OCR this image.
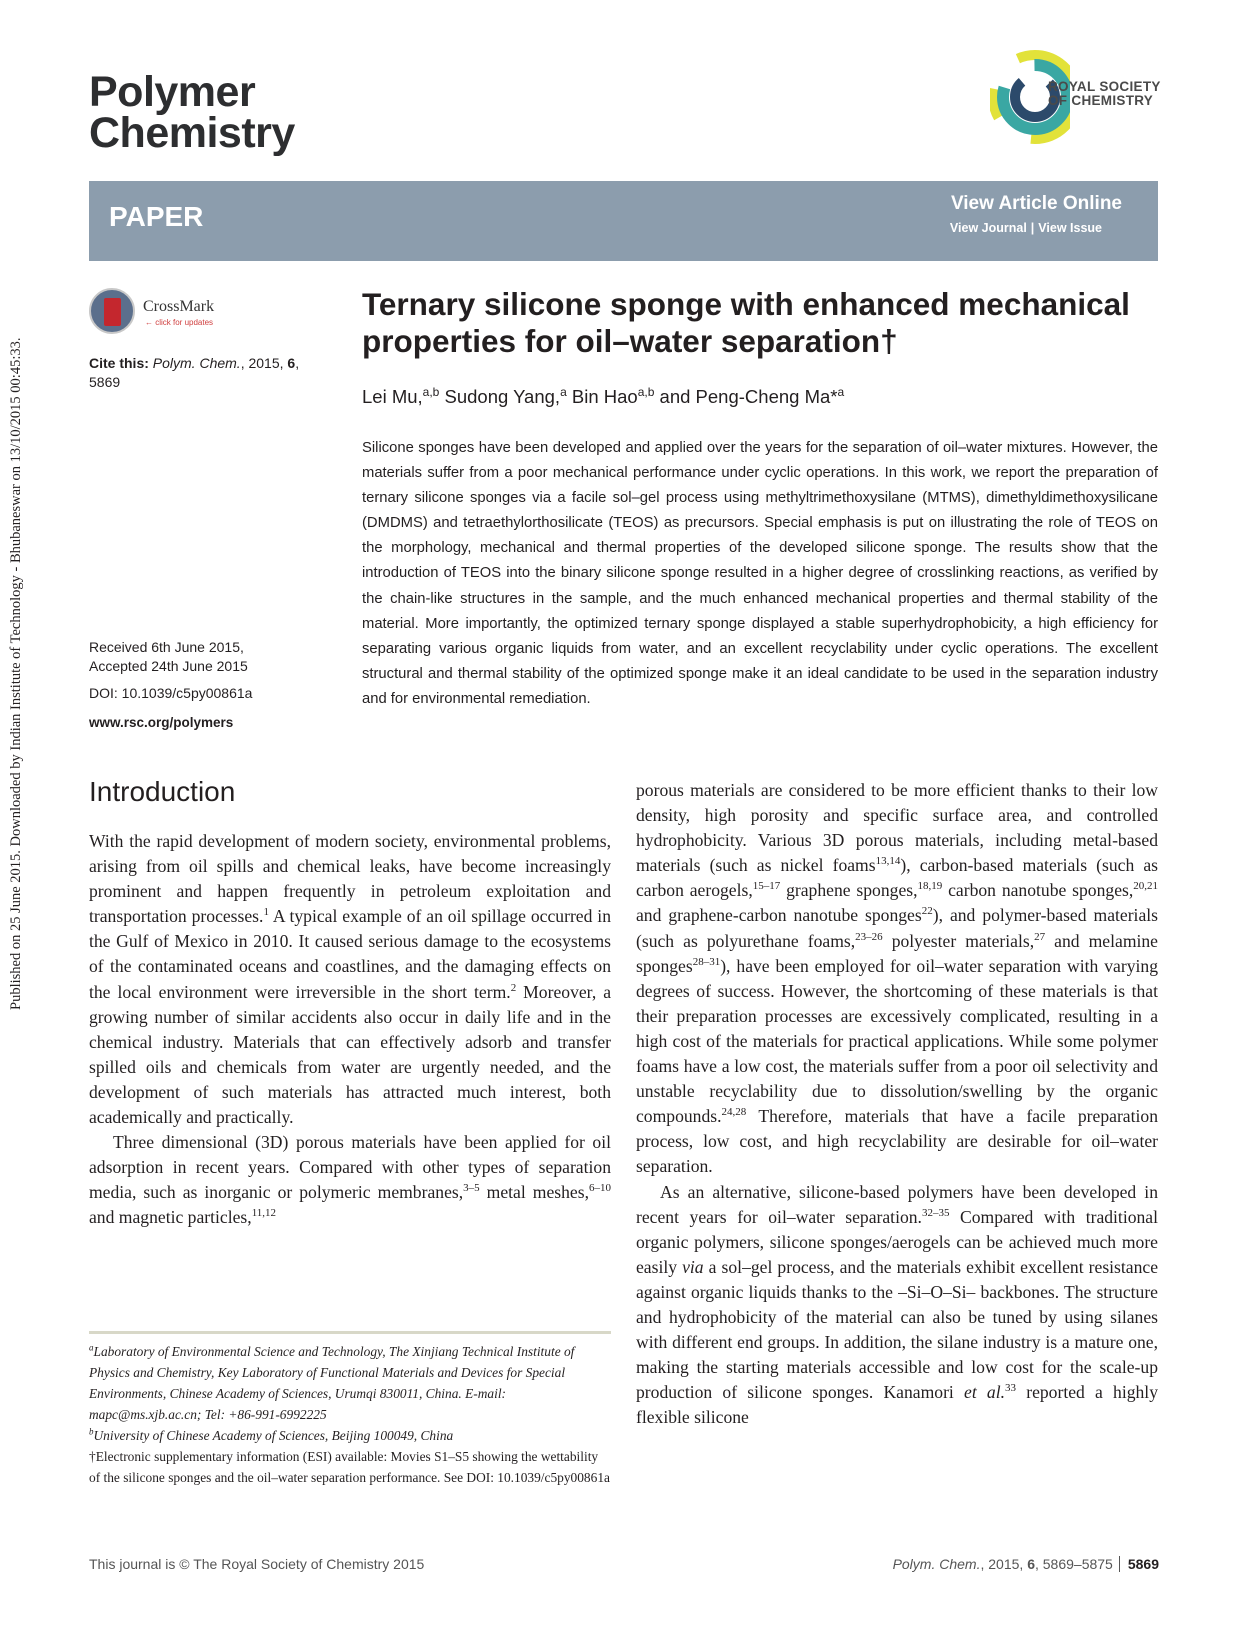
Published on 25 June 2015. Downloaded by Indian Institute of Technology - Bhubaneswar on 13/10/2015 00:45:33.
Polymer
Chemistry
ROYAL SOCIETY
OF CHEMISTRY
PAPER	View Article Online
View Journal | View Issue
CrossMark
← click for updates
Cite this: Polym. Chem., 2015, 6, 5869
Received 6th June 2015,
Accepted 24th June 2015
DOI: 10.1039/c5py00861a
www.rsc.org/polymers
Ternary silicone sponge with enhanced mechanical properties for oil–water separation†
Lei Mu,$^{a,b}$ Sudong Yang,$^a$ Bin Hao$^{a,b}$ and Peng-Cheng Ma*$^a$
Silicone sponges have been developed and applied over the years for the separation of oil–water mixtures. However, the materials suffer from a poor mechanical performance under cyclic operations. In this work, we report the preparation of ternary silicone sponges via a facile sol–gel process using methyltrimethoxysilane (MTMS), dimethyldimethoxysilicane (DMDMS) and tetraethylorthosilicate (TEOS) as precursors. Special emphasis is put on illustrating the role of TEOS on the morphology, mechanical and thermal properties of the developed silicone sponge. The results show that the introduction of TEOS into the binary silicone sponge resulted in a higher degree of crosslinking reactions, as verified by the chain-like structures in the sample, and the much enhanced mechanical properties and thermal stability of the material. More importantly, the optimized ternary sponge displayed a stable superhydrophobicity, a high efficiency for separating various organic liquids from water, and an excellent recyclability under cyclic operations. The excellent structural and thermal stability of the optimized sponge make it an ideal candidate to be used in the separation industry and for environmental remediation.
Introduction

With the rapid development of modern society, environmental problems, arising from oil spills and chemical leaks, have become increasingly prominent and happen frequently in petroleum exploitation and transportation processes.$^1$ A typical example of an oil spillage occurred in the Gulf of Mexico in 2010. It caused serious damage to the ecosystems of the contaminated oceans and coastlines, and the damaging effects on the local environment were irreversible in the short term.$^2$ Moreover, a growing number of similar accidents also occur in daily life and in the chemical industry. Materials that can effectively adsorb and transfer spilled oils and chemicals from water are urgently needed, and the development of such materials has attracted much interest, both academically and practically.

Three dimensional (3D) porous materials have been applied for oil adsorption in recent years. Compared with other types of separation media, such as inorganic or polymeric membranes,$^{3-5}$ metal meshes,$^{6-10}$ and magnetic particles,$^{11,12}$

porous materials are considered to be more efficient thanks to their low density, high porosity and specific surface area, and controlled hydrophobicity. Various 3D porous materials, including metal-based materials (such as nickel foams$^{13,14}$), carbon-based materials (such as carbon aerogels,$^{15-17}$ graphene sponges,$^{18,19}$ carbon nanotube sponges,$^{20,21}$ and graphene-carbon nanotube sponges$^{22}$), and polymer-based materials (such as polyurethane foams,$^{23-26}$ polyester materials,$^{27}$ and melamine sponges$^{28-31}$), have been employed for oil–water separation with varying degrees of success. However, the shortcoming of these materials is that their preparation processes are excessively complicated, resulting in a high cost of the materials for practical applications. While some polymer foams have a low cost, the materials suffer from a poor oil selectivity and unstable recyclability due to dissolution/swelling by the organic compounds.$^{24,28}$ Therefore, materials that have a facile preparation process, low cost, and high recyclability are desirable for oil–water separation.

As an alternative, silicone-based polymers have been developed in recent years for oil–water separation.$^{32-35}$ Compared with traditional organic polymers, silicone sponges/aerogels can be achieved much more easily via a sol–gel process, and the materials exhibit excellent resistance against organic liquids thanks to the –Si–O–Si– backbones. The structure and hydrophobicity of the material can also be tuned by using silanes with different end groups. In addition, the silane industry is a mature one, making the starting materials accessible and low cost for the scale-up production of silicone sponges. Kanamori et al.$^{33}$ reported a highly flexible silicone

$^a$Laboratory of Environmental Science and Technology, The Xinjiang Technical Institute of Physics and Chemistry, Key Laboratory of Functional Materials and Devices for Special Environments, Chinese Academy of Sciences, Urumqi 830011, China. E-mail: mapc@ms.xjb.ac.cn; Tel: +86-991-6992225

$^b$University of Chinese Academy of Sciences, Beijing 100049, China

†Electronic supplementary information (ESI) available: Movies S1–S5 showing the wettability of the silicone sponges and the oil–water separation performance. See DOI: 10.1039/c5py00861a

This journal is © The Royal Society of Chemistry 2015	Polym. Chem., 2015, 6, 5869–5875 5869
